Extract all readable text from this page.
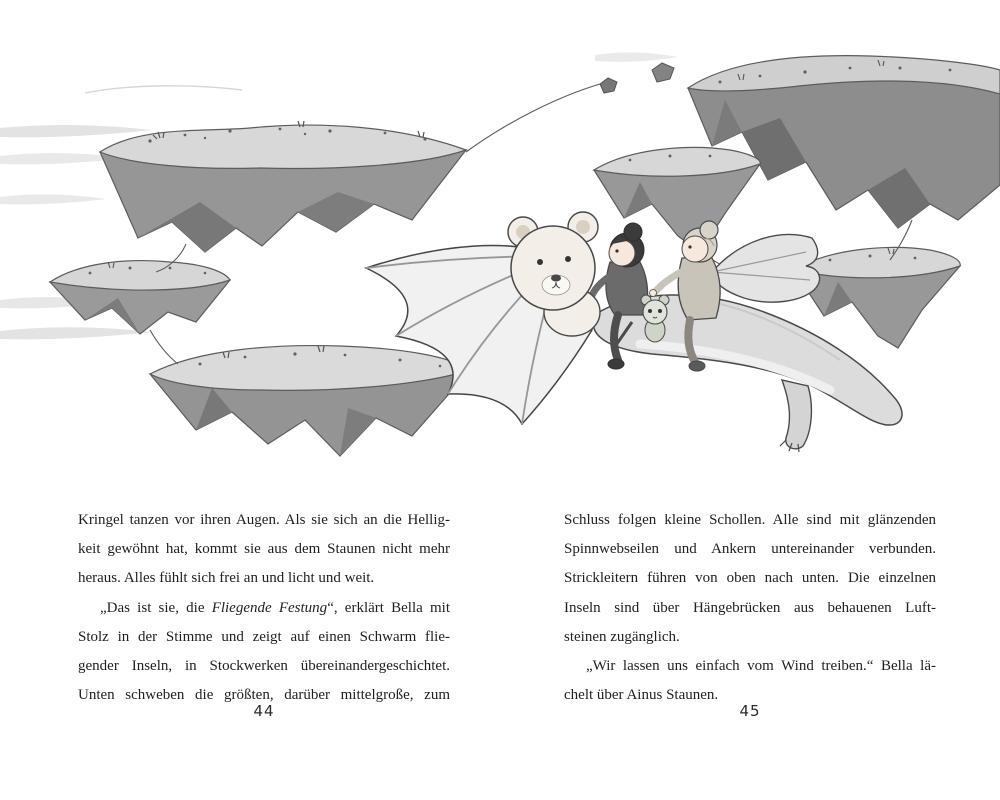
Kringel tanzen vor ihren Augen. Als sie sich an die Hellig-

keit gewöhnt hat, kommt sie aus dem Staunen nicht mehr

heraus. Alles fühlt sich frei an und licht und weit.

„Das ist sie, die Fliegende Festung“, erklärt Bella mit

Stolz in der Stimme und zeigt auf einen Schwarm flie-

gender Inseln, in Stockwerken übereinandergeschichtet.

Unten schweben die größten, darüber mittelgroße, zum

Schluss folgen kleine Schollen. Alle sind mit glänzenden

Spinnwebseilen und Ankern untereinander verbunden.

Strickleitern führen von oben nach unten. Die einzelnen

Inseln sind über Hängebrücken aus behauenen Luft-

steinen zugänglich.

„Wir lassen uns einfach vom Wind treiben.“ Bella lä-

chelt über Ainus Staunen.

44	45
